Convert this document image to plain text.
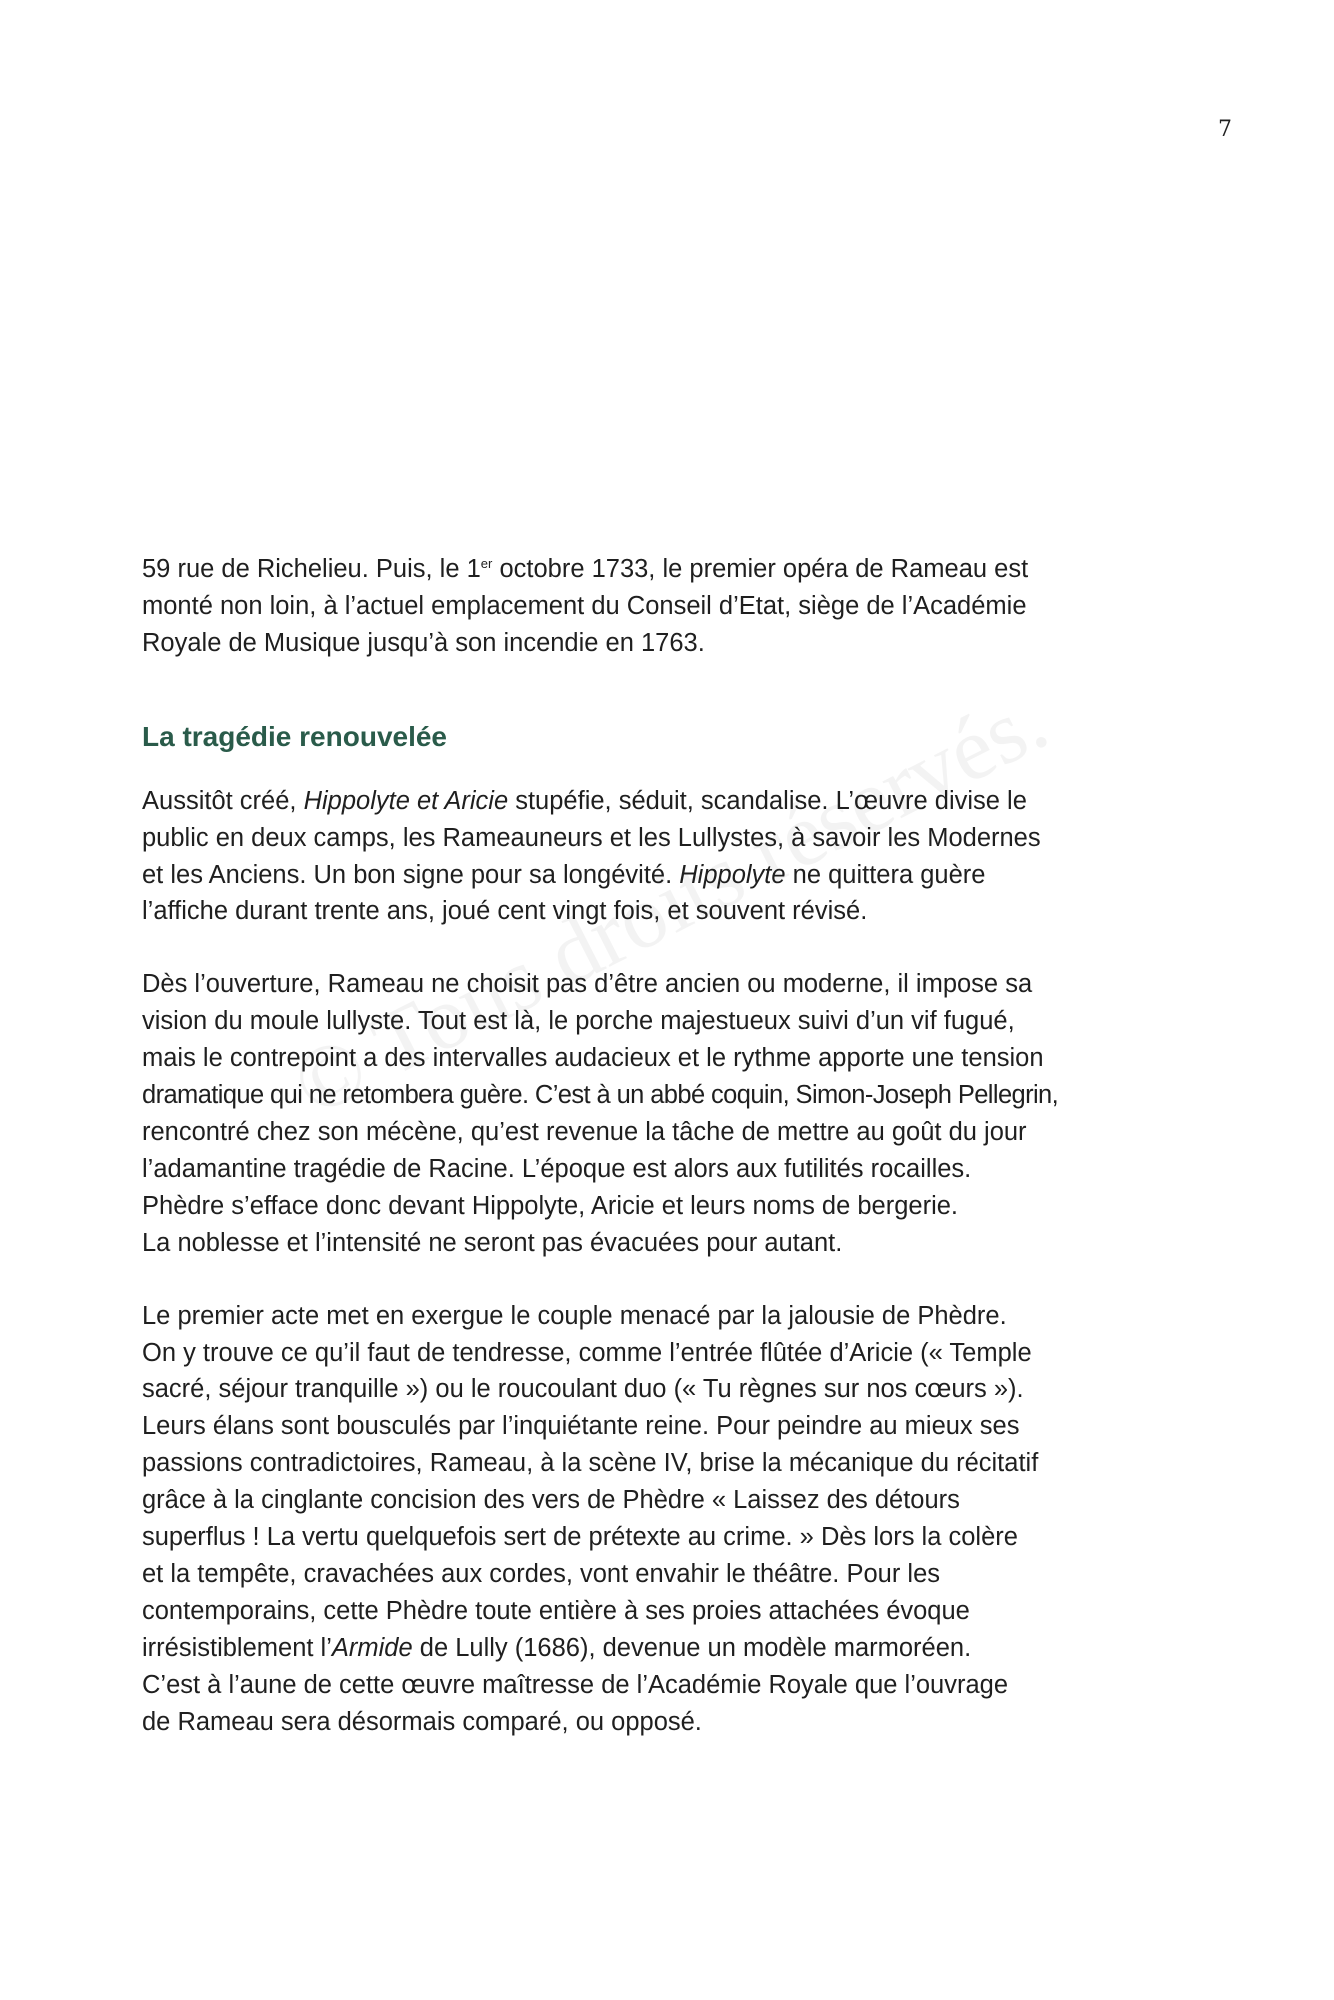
7

59 rue de Richelieu. Puis, le 1er octobre 1733, le premier opéra de Rameau est
monté non loin, à l’actuel emplacement du Conseil d’Etat, siège de l’Académie
Royale de Musique jusqu’à son incendie en 1763.

La tragédie renouvelée

Aussitôt créé, Hippolyte et Aricie stupéfie, séduit, scandalise. L’œuvre divise le
public en deux camps, les Rameauneurs et les Lullystes, à savoir les Modernes
et les Anciens. Un bon signe pour sa longévité. Hippolyte ne quittera guère
l’affiche durant trente ans, joué cent vingt fois, et souvent révisé.

Dès l’ouverture, Rameau ne choisit pas d’être ancien ou moderne, il impose sa
vision du moule lullyste. Tout est là, le porche majestueux suivi d’un vif fugué,
mais le contrepoint a des intervalles audacieux et le rythme apporte une tension
dramatique qui ne retombera guère. C’est à un abbé coquin, Simon-Joseph Pellegrin,
rencontré chez son mécène, qu’est revenue la tâche de mettre au goût du jour
l’adamantine tragédie de Racine. L’époque est alors aux futilités rocailles.
Phèdre s’efface donc devant Hippolyte, Aricie et leurs noms de bergerie.
La noblesse et l’intensité ne seront pas évacuées pour autant.

Le premier acte met en exergue le couple menacé par la jalousie de Phèdre.
On y trouve ce qu’il faut de tendresse, comme l’entrée flûtée d’Aricie (« Temple
sacré, séjour tranquille ») ou le roucoulant duo (« Tu règnes sur nos cœurs »).
Leurs élans sont bousculés par l’inquiétante reine. Pour peindre au mieux ses
passions contradictoires, Rameau, à la scène IV, brise la mécanique du récitatif
grâce à la cinglante concision des vers de Phèdre « Laissez des détours
superflus ! La vertu quelquefois sert de prétexte au crime. » Dès lors la colère
et la tempête, cravachées aux cordes, vont envahir le théâtre. Pour les
contemporains, cette Phèdre toute entière à ses proies attachées évoque
irrésistiblement l’Armide de Lully (1686), devenue un modèle marmoréen.
C’est à l’aune de cette œuvre maîtresse de l’Académie Royale que l’ouvrage
de Rameau sera désormais comparé, ou opposé.
